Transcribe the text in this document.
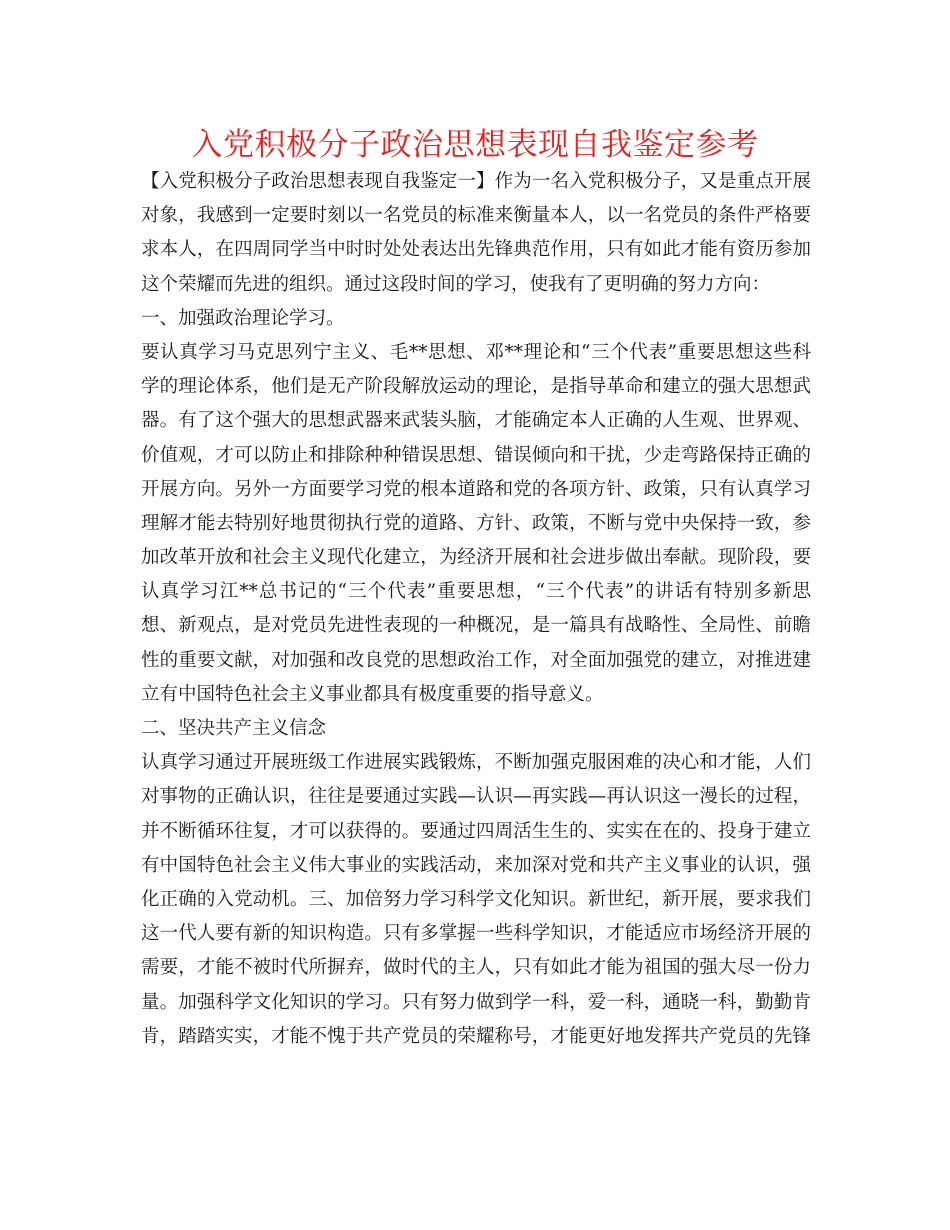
入党积极分子政治思想表现自我鉴定参考
【入党积极分子政治思想表现自我鉴定一】作为一名入党积极分子，又是重点开展
对象，我感到一定要时刻以一名党员的标准来衡量本人，以一名党员的条件严格要
求本人，在四周同学当中时时处处表达出先锋典范作用，只有如此才能有资历参加
这个荣耀而先进的组织。通过这段时间的学习，使我有了更明确的努力方向：
一、加强政治理论学习。
要认真学习马克思列宁主义、毛**思想、邓**理论和“三个代表”重要思想这些科
学的理论体系，他们是无产阶段解放运动的理论，是指导革命和建立的强大思想武
器。有了这个强大的思想武器来武装头脑，才能确定本人正确的人生观、世界观、
价值观，才可以防止和排除种种错误思想、错误倾向和干扰，少走弯路保持正确的
开展方向。另外一方面要学习党的根本道路和党的各项方针、政策，只有认真学习
理解才能去特别好地贯彻执行党的道路、方针、政策，不断与党中央保持一致，参
加改革开放和社会主义现代化建立，为经济开展和社会进步做出奉献。现阶段，要
认真学习江**总书记的“三个代表”重要思想，“三个代表”的讲话有特别多新思
想、新观点，是对党员先进性表现的一种概况，是一篇具有战略性、全局性、前瞻
性的重要文献，对加强和改良党的思想政治工作，对全面加强党的建立，对推进建
立有中国特色社会主义事业都具有极度重要的指导意义。
二、坚决共产主义信念
认真学习通过开展班级工作进展实践锻炼，不断加强克服困难的决心和才能，人们
对事物的正确认识，往往是要通过实践—认识—再实践—再认识这一漫长的过程，
并不断循环往复，才可以获得的。要通过四周活生生的、实实在在的、投身于建立
有中国特色社会主义伟大事业的实践活动，来加深对党和共产主义事业的认识，强
化正确的入党动机。三、加倍努力学习科学文化知识。新世纪，新开展，要求我们
这一代人要有新的知识构造。只有多掌握一些科学知识，才能适应市场经济开展的
需要，才能不被时代所摒弃，做时代的主人，只有如此才能为祖国的强大尽一份力
量。加强科学文化知识的学习。只有努力做到学一科，爱一科，通晓一科，勤勤肯
肯，踏踏实实，才能不愧于共产党员的荣耀称号，才能更好地发挥共产党员的先锋
